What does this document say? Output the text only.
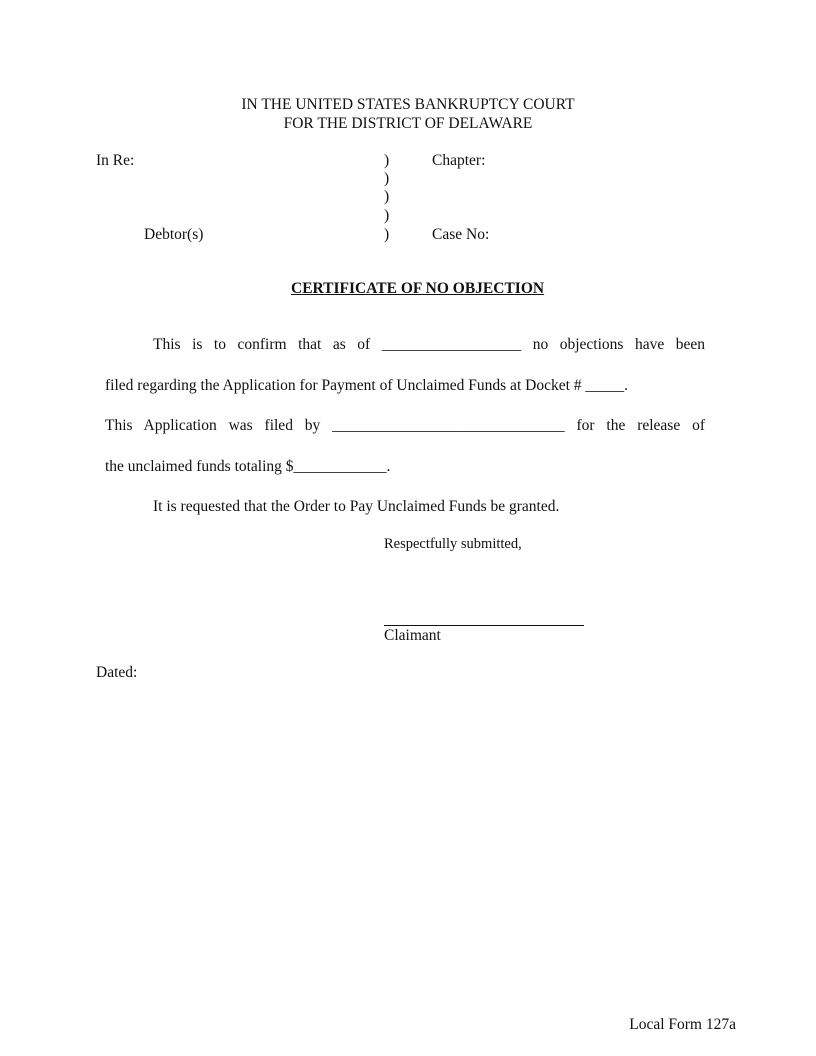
IN THE UNITED STATES BANKRUPTCY COURT
FOR THE DISTRICT OF DELAWARE
In Re:
Debtor(s)
)
)
)
)
)
Chapter:
Case No:
CERTIFICATE OF NO OBJECTION
This is to confirm that as of __________________ no objections have been
filed regarding the Application for Payment of Unclaimed Funds at Docket # _____.
This Application was filed by ______________________________ for the release of
the unclaimed funds totaling $____________.
It is requested that the Order to Pay Unclaimed Funds be granted.
Respectfully submitted,
Claimant
Dated:
Local Form 127a
